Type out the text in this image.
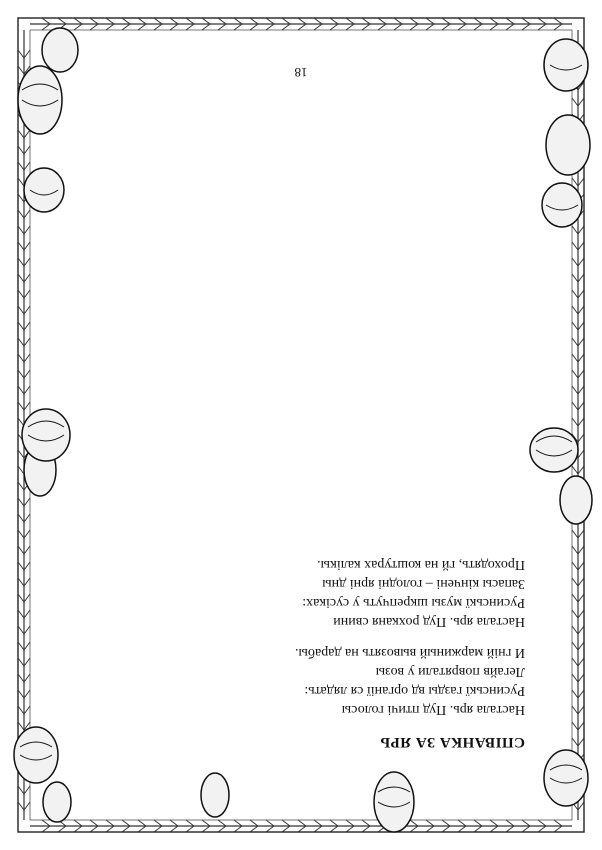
СПІВАНКА ЗА ЯРЬ
Настала ярь. Пуд птичі голосы
Русинськї газды вд органії ся лядать:
Легайв поврятали у возы
И гній маржиный вывозять на дарабы.
Настала ярь. Пуд рохканя свини
Русинськї музы шкрепчуть у сусіках:
Запасы кінчені – голодні ярні дны
Проходять, гй на коштурах калікы.
18
